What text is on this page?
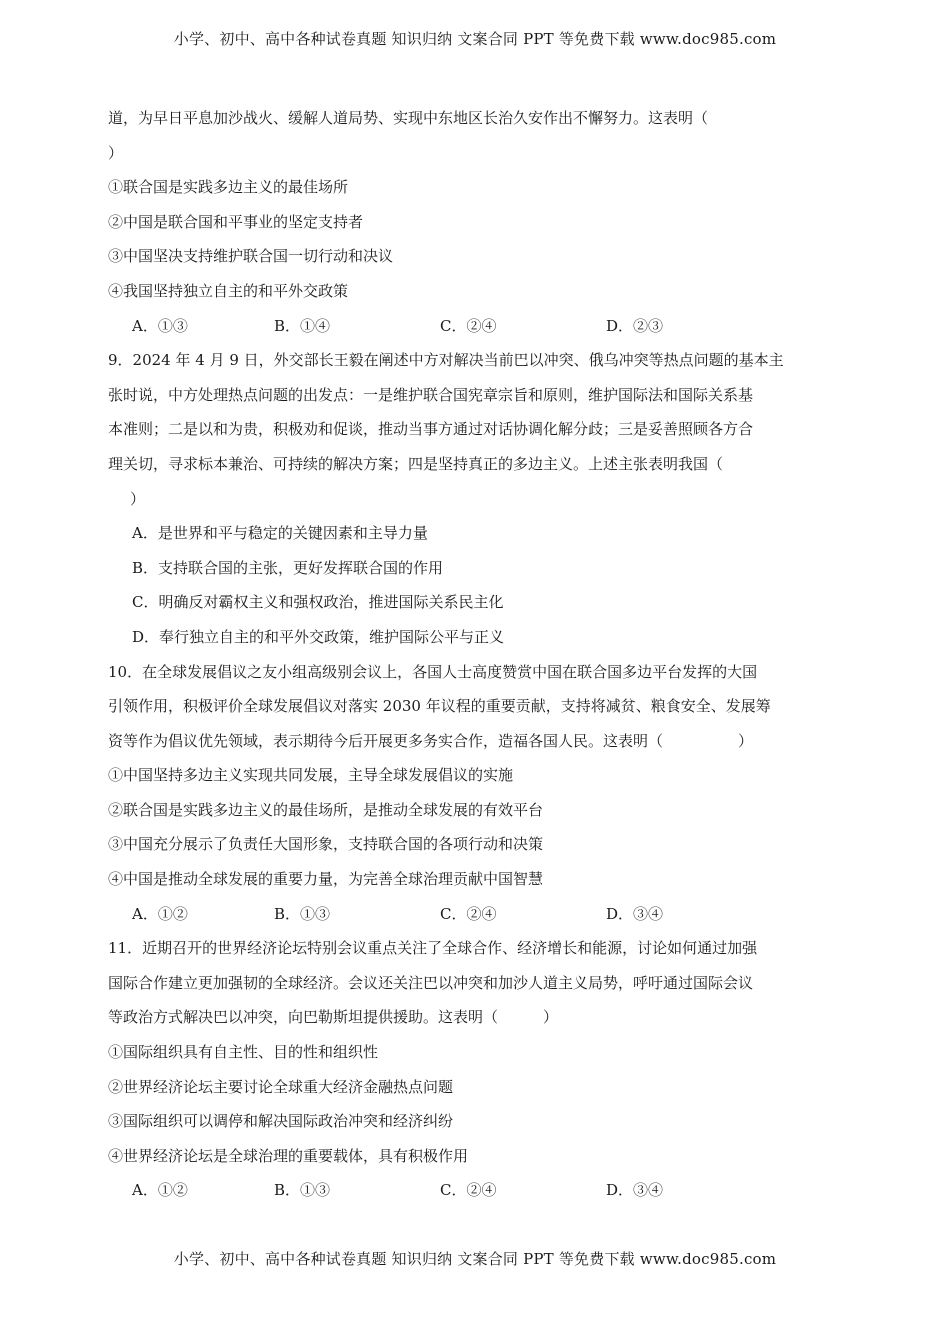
小学、初中、高中各种试卷真题 知识归纳 文案合同 PPT 等免费下载 www.doc985.com
道，为早日平息加沙战火、缓解人道局势、实现中东地区长治久安作出不懈努力。这表明（
）
①联合国是实践多边主义的最佳场所
②中国是联合国和平事业的坚定支持者
③中国坚决支持维护联合国一切行动和决议
④我国坚持独立自主的和平外交政策
A．①③	B．①④	C．②④	D．②③
9．2024 年 4 月 9 日，外交部长王毅在阐述中方对解决当前巴以冲突、俄乌冲突等热点问题的基本主
张时说，中方处理热点问题的出发点：一是维护联合国宪章宗旨和原则，维护国际法和国际关系基
本准则；二是以和为贵，积极劝和促谈，推动当事方通过对话协调化解分歧；三是妥善照顾各方合
理关切，寻求标本兼治、可持续的解决方案；四是坚持真正的多边主义。上述主张表明我国（
）
A．是世界和平与稳定的关键因素和主导力量
B．支持联合国的主张，更好发挥联合国的作用
C．明确反对霸权主义和强权政治，推进国际关系民主化
D．奉行独立自主的和平外交政策，维护国际公平与正义
10．在全球发展倡议之友小组高级别会议上，各国人士高度赞赏中国在联合国多边平台发挥的大国
引领作用，积极评价全球发展倡议对落实 2030 年议程的重要贡献，支持将减贫、粮食安全、发展筹
资等作为倡议优先领域，表示期待今后开展更多务实合作，造福各国人民。这表明（　　　　　）
①中国坚持多边主义实现共同发展，主导全球发展倡议的实施
②联合国是实践多边主义的最佳场所，是推动全球发展的有效平台
③中国充分展示了负责任大国形象，支持联合国的各项行动和决策
④中国是推动全球发展的重要力量，为完善全球治理贡献中国智慧
A．①②	B．①③	C．②④	D．③④
11．近期召开的世界经济论坛特别会议重点关注了全球合作、经济增长和能源，讨论如何通过加强
国际合作建立更加强韧的全球经济。会议还关注巴以冲突和加沙人道主义局势，呼吁通过国际会议
等政治方式解决巴以冲突，向巴勒斯坦提供援助。这表明（　　　）
①国际组织具有自主性、目的性和组织性
②世界经济论坛主要讨论全球重大经济金融热点问题
③国际组织可以调停和解决国际政治冲突和经济纠纷
④世界经济论坛是全球治理的重要载体，具有积极作用
A．①②	B．①③	C．②④	D．③④
小学、初中、高中各种试卷真题 知识归纳 文案合同 PPT 等免费下载 www.doc985.com
